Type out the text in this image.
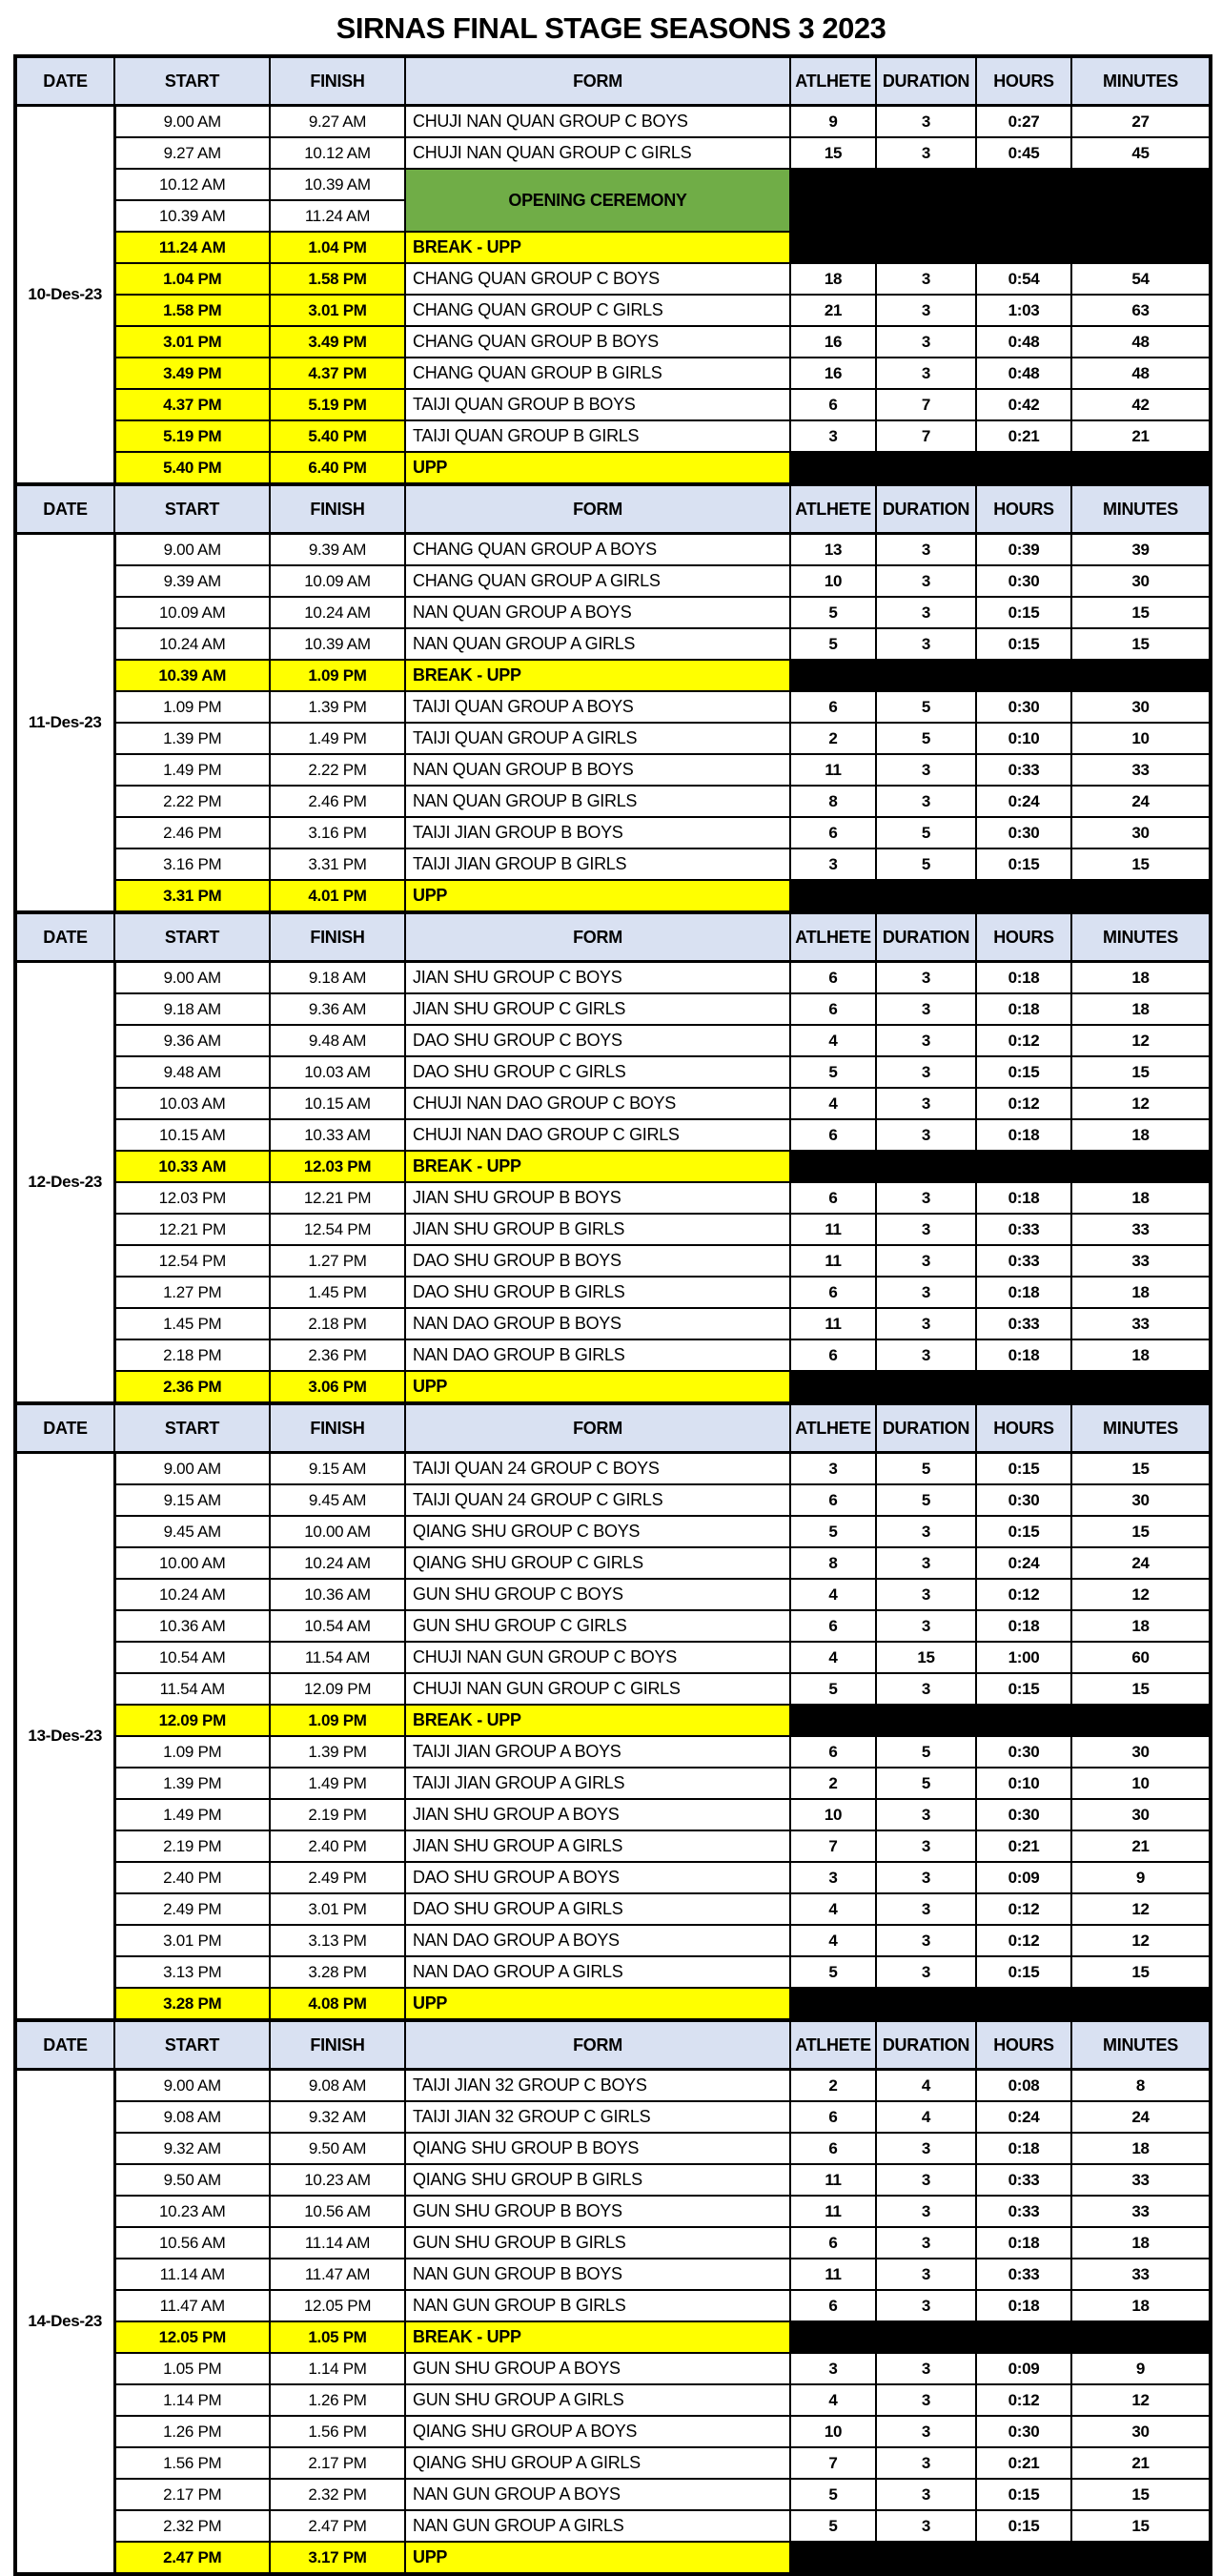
SIRNAS FINAL STAGE SEASONS 3 2023
DATE	START	FINISH	FORM	ATLHETE	DURATION	HOURS	MINUTES
10-Des-23	9.00 AM	9.27 AM	CHUJI NAN QUAN GROUP C BOYS	9	3	0:27	27
	9.27 AM	10.12 AM	CHUJI NAN QUAN GROUP C GIRLS	15	3	0:45	45
	10.12 AM	10.39 AM	OPENING CEREMONY				
	10.39 AM	11.24 AM					
	11.24 AM	1.04 PM	BREAK - UPP				
	1.04 PM	1.58 PM	CHANG QUAN GROUP C BOYS	18	3	0:54	54
	1.58 PM	3.01 PM	CHANG QUAN GROUP C GIRLS	21	3	1:03	63
	3.01 PM	3.49 PM	CHANG QUAN GROUP B BOYS	16	3	0:48	48
	3.49 PM	4.37 PM	CHANG QUAN GROUP B GIRLS	16	3	0:48	48
	4.37 PM	5.19 PM	TAIJI QUAN GROUP B BOYS	6	7	0:42	42
	5.19 PM	5.40 PM	TAIJI QUAN GROUP B GIRLS	3	7	0:21	21
	5.40 PM	6.40 PM	UPP				
DATE	START	FINISH	FORM	ATLHETE	DURATION	HOURS	MINUTES
11-Des-23	9.00 AM	9.39 AM	CHANG QUAN GROUP A BOYS	13	3	0:39	39
	9.39 AM	10.09 AM	CHANG QUAN GROUP A GIRLS	10	3	0:30	30
	10.09 AM	10.24 AM	NAN QUAN GROUP A BOYS	5	3	0:15	15
	10.24 AM	10.39 AM	NAN QUAN GROUP A GIRLS	5	3	0:15	15
	10.39 AM	1.09 PM	BREAK - UPP				
	1.09 PM	1.39 PM	TAIJI QUAN GROUP A BOYS	6	5	0:30	30
	1.39 PM	1.49 PM	TAIJI QUAN GROUP A GIRLS	2	5	0:10	10
	1.49 PM	2.22 PM	NAN QUAN GROUP B BOYS	11	3	0:33	33
	2.22 PM	2.46 PM	NAN QUAN GROUP B GIRLS	8	3	0:24	24
	2.46 PM	3.16 PM	TAIJI JIAN GROUP B BOYS	6	5	0:30	30
	3.16 PM	3.31 PM	TAIJI JIAN GROUP B GIRLS	3	5	0:15	15
	3.31 PM	4.01 PM	UPP				
DATE	START	FINISH	FORM	ATLHETE	DURATION	HOURS	MINUTES
12-Des-23	9.00 AM	9.18 AM	JIAN SHU GROUP C BOYS	6	3	0:18	18
	9.18 AM	9.36 AM	JIAN SHU GROUP C GIRLS	6	3	0:18	18
	9.36 AM	9.48 AM	DAO SHU GROUP C BOYS	4	3	0:12	12
	9.48 AM	10.03 AM	DAO SHU GROUP C GIRLS	5	3	0:15	15
	10.03 AM	10.15 AM	CHUJI NAN DAO GROUP C BOYS	4	3	0:12	12
	10.15 AM	10.33 AM	CHUJI NAN DAO GROUP C GIRLS	6	3	0:18	18
	10.33 AM	12.03 PM	BREAK - UPP				
	12.03 PM	12.21 PM	JIAN SHU GROUP B BOYS	6	3	0:18	18
	12.21 PM	12.54 PM	JIAN SHU GROUP B GIRLS	11	3	0:33	33
	12.54 PM	1.27 PM	DAO SHU GROUP B BOYS	11	3	0:33	33
	1.27 PM	1.45 PM	DAO SHU GROUP B GIRLS	6	3	0:18	18
	1.45 PM	2.18 PM	NAN DAO GROUP B BOYS	11	3	0:33	33
	2.18 PM	2.36 PM	NAN DAO GROUP B GIRLS	6	3	0:18	18
	2.36 PM	3.06 PM	UPP				
DATE	START	FINISH	FORM	ATLHETE	DURATION	HOURS	MINUTES
13-Des-23	9.00 AM	9.15 AM	TAIJI QUAN 24 GROUP C BOYS	3	5	0:15	15
	9.15 AM	9.45 AM	TAIJI QUAN 24 GROUP C GIRLS	6	5	0:30	30
	9.45 AM	10.00 AM	QIANG SHU GROUP C BOYS	5	3	0:15	15
	10.00 AM	10.24 AM	QIANG SHU GROUP C GIRLS	8	3	0:24	24
	10.24 AM	10.36 AM	GUN SHU GROUP C BOYS	4	3	0:12	12
	10.36 AM	10.54 AM	GUN SHU GROUP C GIRLS	6	3	0:18	18
	10.54 AM	11.54 AM	CHUJI NAN GUN GROUP C BOYS	4	15	1:00	60
	11.54 AM	12.09 PM	CHUJI NAN GUN GROUP C GIRLS	5	3	0:15	15
	12.09 PM	1.09 PM	BREAK - UPP				
	1.09 PM	1.39 PM	TAIJI JIAN GROUP A BOYS	6	5	0:30	30
	1.39 PM	1.49 PM	TAIJI JIAN GROUP A GIRLS	2	5	0:10	10
	1.49 PM	2.19 PM	JIAN SHU GROUP A BOYS	10	3	0:30	30
	2.19 PM	2.40 PM	JIAN SHU GROUP A GIRLS	7	3	0:21	21
	2.40 PM	2.49 PM	DAO SHU GROUP A BOYS	3	3	0:09	9
	2.49 PM	3.01 PM	DAO SHU GROUP A GIRLS	4	3	0:12	12
	3.01 PM	3.13 PM	NAN DAO GROUP A BOYS	4	3	0:12	12
	3.13 PM	3.28 PM	NAN DAO GROUP A GIRLS	5	3	0:15	15
	3.28 PM	4.08 PM	UPP				
DATE	START	FINISH	FORM	ATLHETE	DURATION	HOURS	MINUTES
14-Des-23	9.00 AM	9.08 AM	TAIJI JIAN 32 GROUP C BOYS	2	4	0:08	8
	9.08 AM	9.32 AM	TAIJI JIAN 32 GROUP C GIRLS	6	4	0:24	24
	9.32 AM	9.50 AM	QIANG SHU GROUP B BOYS	6	3	0:18	18
	9.50 AM	10.23 AM	QIANG SHU GROUP B GIRLS	11	3	0:33	33
	10.23 AM	10.56 AM	GUN SHU GROUP B BOYS	11	3	0:33	33
	10.56 AM	11.14 AM	GUN SHU GROUP B GIRLS	6	3	0:18	18
	11.14 AM	11.47 AM	NAN GUN GROUP B BOYS	11	3	0:33	33
	11.47 AM	12.05 PM	NAN GUN GROUP B GIRLS	6	3	0:18	18
	12.05 PM	1.05 PM	BREAK - UPP				
	1.05 PM	1.14 PM	GUN SHU GROUP A BOYS	3	3	0:09	9
	1.14 PM	1.26 PM	GUN SHU GROUP A GIRLS	4	3	0:12	12
	1.26 PM	1.56 PM	QIANG SHU GROUP A BOYS	10	3	0:30	30
	1.56 PM	2.17 PM	QIANG SHU GROUP A GIRLS	7	3	0:21	21
	2.17 PM	2.32 PM	NAN GUN GROUP A BOYS	5	3	0:15	15
	2.32 PM	2.47 PM	NAN GUN GROUP A GIRLS	5	3	0:15	15
	2.47 PM	3.17 PM	UPP				
